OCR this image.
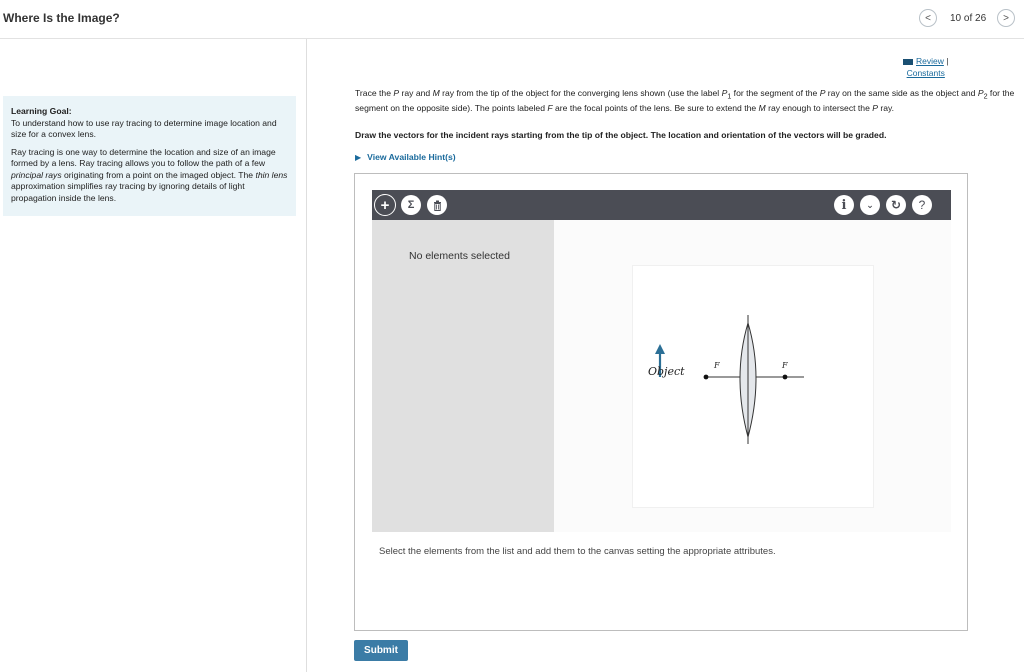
Where Is the Image?	< 10 of 26 >

Learning Goal:

To understand how to use ray tracing to determine image location and size for a convex lens.

Ray tracing is one way to determine the location and size of an image formed by a lens. Ray tracing allows you to follow the path of a few principal rays originating from a point on the imaged object. The thin lens approximation simplifies ray tracing by ignoring details of light propagation inside the lens.

Review |
Constants
Trace the P ray and M ray from the tip of the object for the converging lens shown (use the label $P_1$ for the segment of the P ray on the same side as the object and $P_2$ for the segment on the opposite side). The points labeled F are the focal points of the lens. Be sure to extend the M ray enough to intersect the P ray.
Draw the vectors for the incident rays starting from the tip of the object. The location and orientation of the vectors will be graded.
▶ View Available Hint(s)
+ Σ	i ⌄ ↻ ?
No elements selected
F	F
Object
Select the elements from the list and add them to the canvas setting the appropriate attributes.
Submit
